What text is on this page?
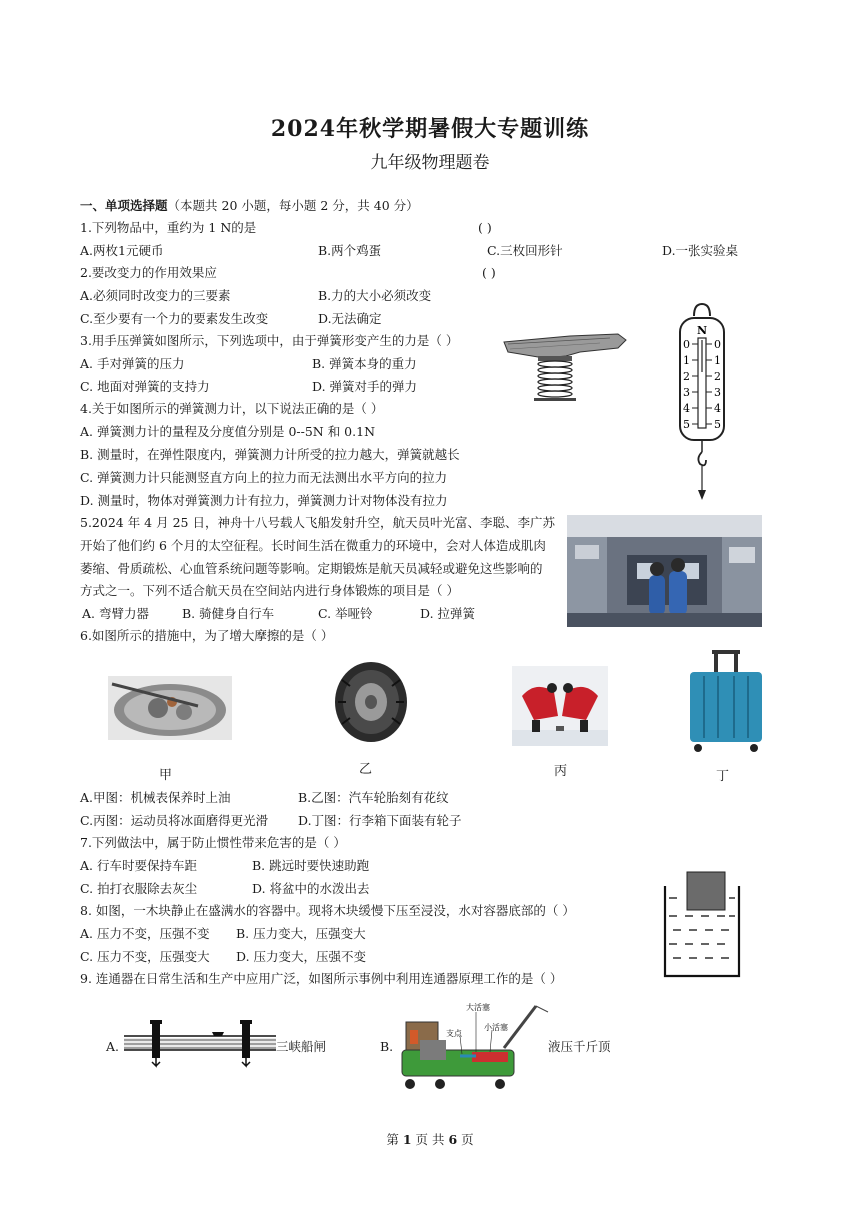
2024年秋学期暑假大专题训练
九年级物理题卷
一、单项选择题（本题共 20 小题，每小题 2 分，共 40 分）
1.下列物品中，重约为 1 N的是	( )
A.两枚1元硬币	B.两个鸡蛋	C.三枚回形针	D.一张实验桌
2.要改变力的作用效果应	( )
A.必须同时改变力的三要素	B.力的大小必须改变
C.至少要有一个力的要素发生改变	D.无法确定
3.用手压弹簧如图所示，下列选项中，由于弹簧形变产生的力是（ ）
A. 手对弹簧的压力	B. 弹簧本身的重力
C. 地面对弹簧的支持力	D. 弹簧对手的弹力
N
0
1
2
3
4
5
0
1
2
3
4
5
4.关于如图所示的弹簧测力计，以下说法正确的是（ ）
A. 弹簧测力计的量程及分度值分别是 0--5N 和 0.1N
B. 测量时，在弹性限度内，弹簧测力计所受的拉力越大，弹簧就越长
C. 弹簧测力计只能测竖直方向上的拉力而无法测出水平方向的拉力
D. 测量时，物体对弹簧测力计有拉力，弹簧测力计对物体没有拉力
5.2024 年 4 月 25 日，神舟十八号载人飞船发射升空，航天员叶光富、李聪、李广苏
开始了他们约 6 个月的太空征程。长时间生活在微重力的环境中，会对人体造成肌肉
萎缩、骨质疏松、心血管系统问题等影响。定期锻炼是航天员减轻或避免这些影响的
方式之一。下列不适合航天员在空间站内进行身体锻炼的项目是（ ）
A. 弯臂力器	B. 骑健身自行车	C. 举哑铃	D. 拉弹簧
6.如图所示的措施中，为了增大摩擦的是（ ）
甲	乙	丙	丁
A.甲图：机械表保养时上油	B.乙图：汽车轮胎刻有花纹
C.丙图：运动员将冰面磨得更光滑 D.丁图：行李箱下面装有轮子
7.下列做法中，属于防止惯性带来危害的是（ ）
A. 行车时要保持车距	B. 跳远时要快速助跑
C. 拍打衣服除去灰尘	D. 将盆中的水泼出去
8. 如图，一木块静止在盛满水的容器中。现将木块缓慢下压至浸没，水对容器底部的（ ）
A. 压力不变，压强不变 B. 压力变大，压强变大
C. 压力不变，压强变大 D. 压力变大，压强不变
9. 连通器在日常生活和生产中应用广泛，如图所示事例中利用连通器原理工作的是（ ）
A.	三峡船闸	B.
大活塞
支点
小活塞
液压千斤顶
第 1 页 共 6 页
